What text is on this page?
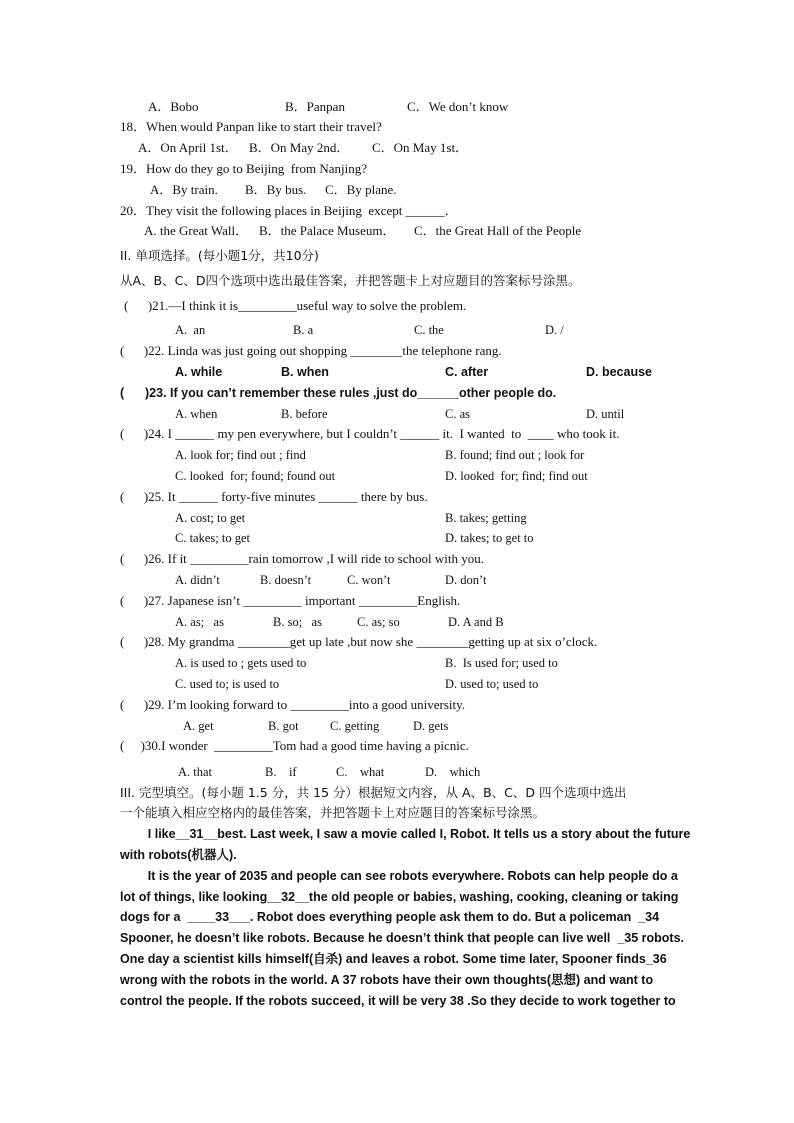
A．Bobo	B．Panpan	C．We don’t know
18．When would Panpan like to start their travel?
A．On April 1st． B．On May 2nd． C．On May 1st．
19．How do they go to Beijing  from Nanjing?
A．By train. B．By bus. C．By plane.
20．They visit the following places in Beijing  except ______．
A. the Great Wall． B．the Palace Museum． C．the Great Hall of the People
II. 单项选择。(每小题1分，共10分)
从A、B、C、D四个选项中选出最佳答案，并把答题卡上对应题目的答案标号涂黑。
(      )21.—I think it is_________useful way to solve the problem.
A.  an	B. a	C. the	D. /
(      )22. Linda was just going out shopping ________the telephone rang.
A. while	B. when	C. after	D. because
(      )23. If you can’t remember these rules ,just do______other people do.
A. when	B. before	C. as	D. until
(      )24. I ______ my pen everywhere, but I couldn’t ______ it.  I wanted  to  ____ who took it.
A. look for; find out ; find	B. found; find out ; look for
C. looked  for; found; found out	D. looked  for; find; find out
(      )25. It ______ forty-five minutes ______ there by bus.
A. cost; to get	B. takes; getting
C. takes; to get	D. takes; to get to
(      )26. If it _________rain tomorrow ,I will ride to school with you.
A. didn’t	B. doesn’t	C. won’t	D. don’t
(      )27. Japanese isn’t _________ important _________English.
A. as;   as	B. so;   as	C. as; so	D. A and B
(      )28. My grandma ________get up late ,but now she ________getting up at six o’clock.
A. is used to ; gets used to	B.  Is used for; used to
C. used to; is used to	D. used to; used to
(      )29. I’m looking forward to _________into a good university.
A. get	B. got	C. getting	D. gets
(     )30.I wonder  _________Tom had a good time having a picnic.
A. that	B.    if	C.    what	D.    which
III. 完型填空。(每小题 1.5 分，共 15 分）根据短文内容，从 A、B、C、D 四个选项中选出
一个能填入相应空格内的最佳答案，并把答题卡上对应题目的答案标号涂黑。
I like__31__best. Last week, I saw a movie called I, Robot. It tells us a story about the future
with robots(机器人).
It is the year of 2035 and people can see robots everywhere. Robots can help people do a
lot of things, like looking__32__the old people or babies, washing, cooking, cleaning or taking
dogs for a  ____33___. Robot does everything people ask them to do. But a policeman  _34
Spooner, he doesn’t like robots. Because he doesn’t think that people can live well  _35 robots.
One day a scientist kills himself(自杀) and leaves a robot. Some time later, Spooner finds_36
wrong with the robots in the world. A 37 robots have their own thoughts(思想) and want to
control the people. If the robots succeed, it will be very 38 .So they decide to work together to
